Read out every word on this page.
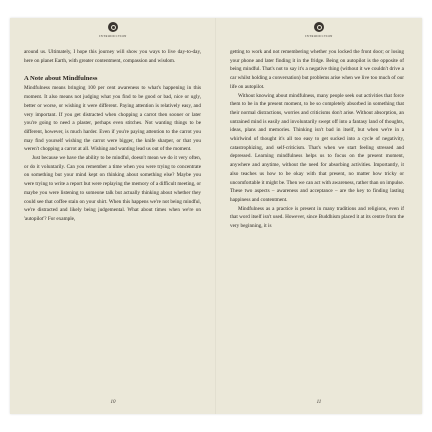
INTRODUCTION

around us. Ultimately, I hope this journey will show you ways to live day-to-day, here on planet Earth, with greater contentment, compassion and wisdom.

A Note about Mindfulness

Mindfulness means bringing 100 per cent awareness to what's happening in this moment. It also means not judging what you find to be good or bad, nice or ugly, better or worse, or wishing it were different. Paying attention is relatively easy, and very important. If you get distracted when chopping a carrot then sooner or later you're going to need a plaster, perhaps even stitches. Not wanting things to be different, however, is much harder. Even if you're paying attention to the carrot you may find yourself wishing the carrot were bigger, the knife sharper, or that you weren't chopping a carrot at all. Wishing and wanting lead us out of the moment.

Just because we have the ability to be mindful, doesn't mean we do it very often, or do it voluntarily. Can you remember a time when you were trying to concentrate on something but your mind kept on thinking about something else? Maybe you were trying to write a report but were replaying the memory of a difficult meeting, or maybe you were listening to someone talk but actually thinking about whether they could see that coffee stain on your shirt. When this happens we're not being mindful, we're distracted and likely being judgemental. What about times when we're on 'autopilot'? For example,

10
INTRODUCTION

getting to work and not remembering whether you locked the front door; or losing your phone and later finding it in the fridge. Being on autopilot is the opposite of being mindful. That's not to say it's a negative thing (without it we couldn't drive a car whilst holding a conversation) but problems arise when we live too much of our life on autopilot.

Without knowing about mindfulness, many people seek out activities that force them to be in the present moment, to be so completely absorbed in something that their normal distractions, worries and criticisms don't arise. Without absorption, an untrained mind is easily and involuntarily swept off into a fantasy land of thoughts, ideas, plans and memories. Thinking isn't bad in itself, but when we're in a whirlwind of thought it's all too easy to get sucked into a cycle of negativity, catastrophizing, and self-criticism. That's when we start feeling stressed and depressed. Learning mindfulness helps us to focus on the present moment, anywhere and anytime, without the need for absorbing activities. Importantly, it also teaches us how to be okay with that present, no matter how tricky or uncomfortable it might be. Then we can act with awareness, rather than on impulse. These two aspects – awareness and acceptance – are the key to finding lasting happiness and contentment.

Mindfulness as a practice is present in many traditions and religions, even if that word itself isn't used. However, since Buddhism placed it at its centre from the very beginning, it is

11
